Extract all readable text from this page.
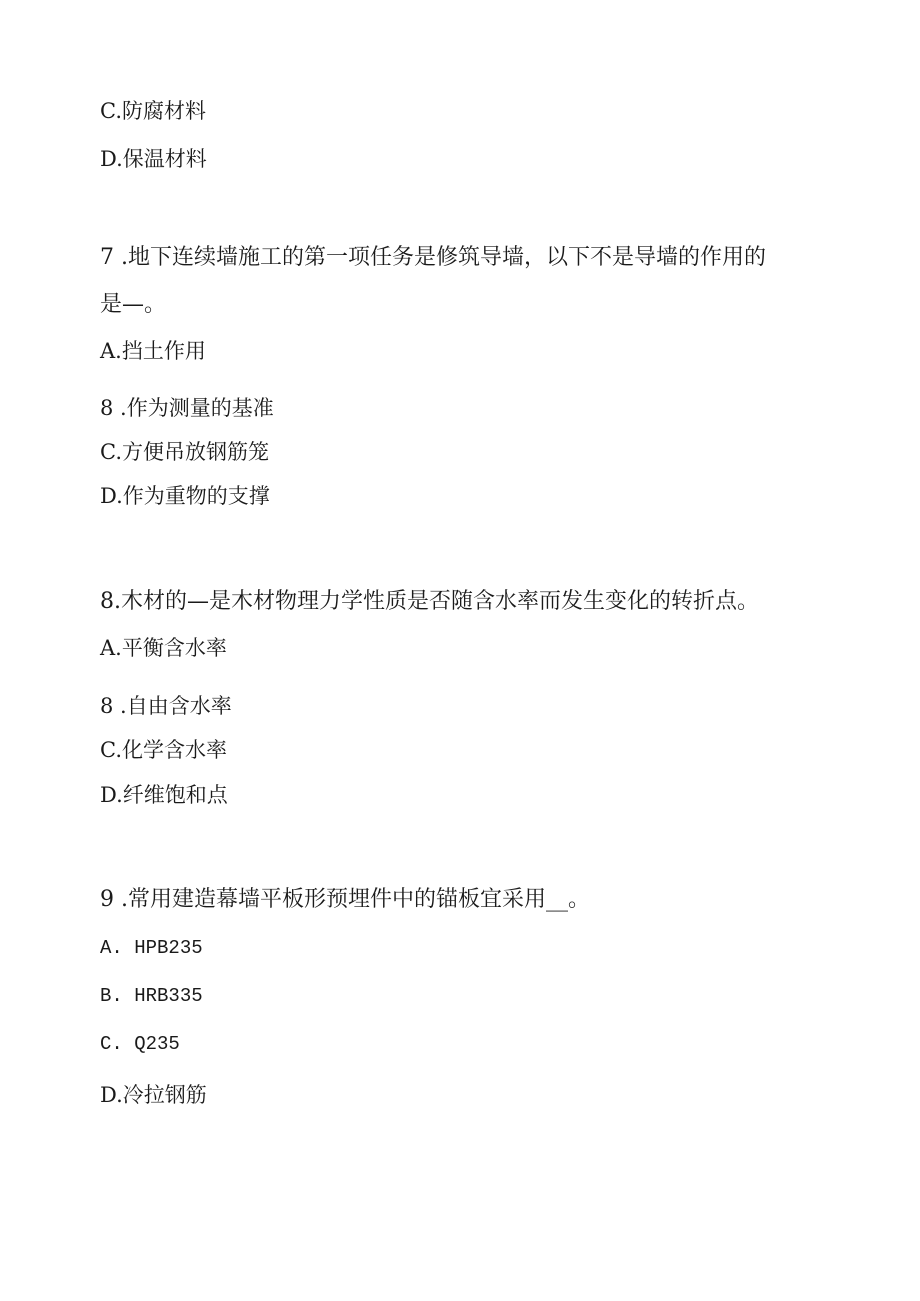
C.防腐材料
D.保温材料
7 .地下连续墙施工的第一项任务是修筑导墙，以下不是导墙的作用的
是—。
A.挡土作用
8 .作为测量的基准
C.方便吊放钢筋笼
D.作为重物的支撑
8.木材的—是木材物理力学性质是否随含水率而发生变化的转折点。
A.平衡含水率
8 .自由含水率
C.化学含水率
D.纤维饱和点
9 .常用建造幕墙平板形预埋件中的锚板宜采用__。
A. HPB235
B. HRB335
C. Q235
D.冷拉钢筋
